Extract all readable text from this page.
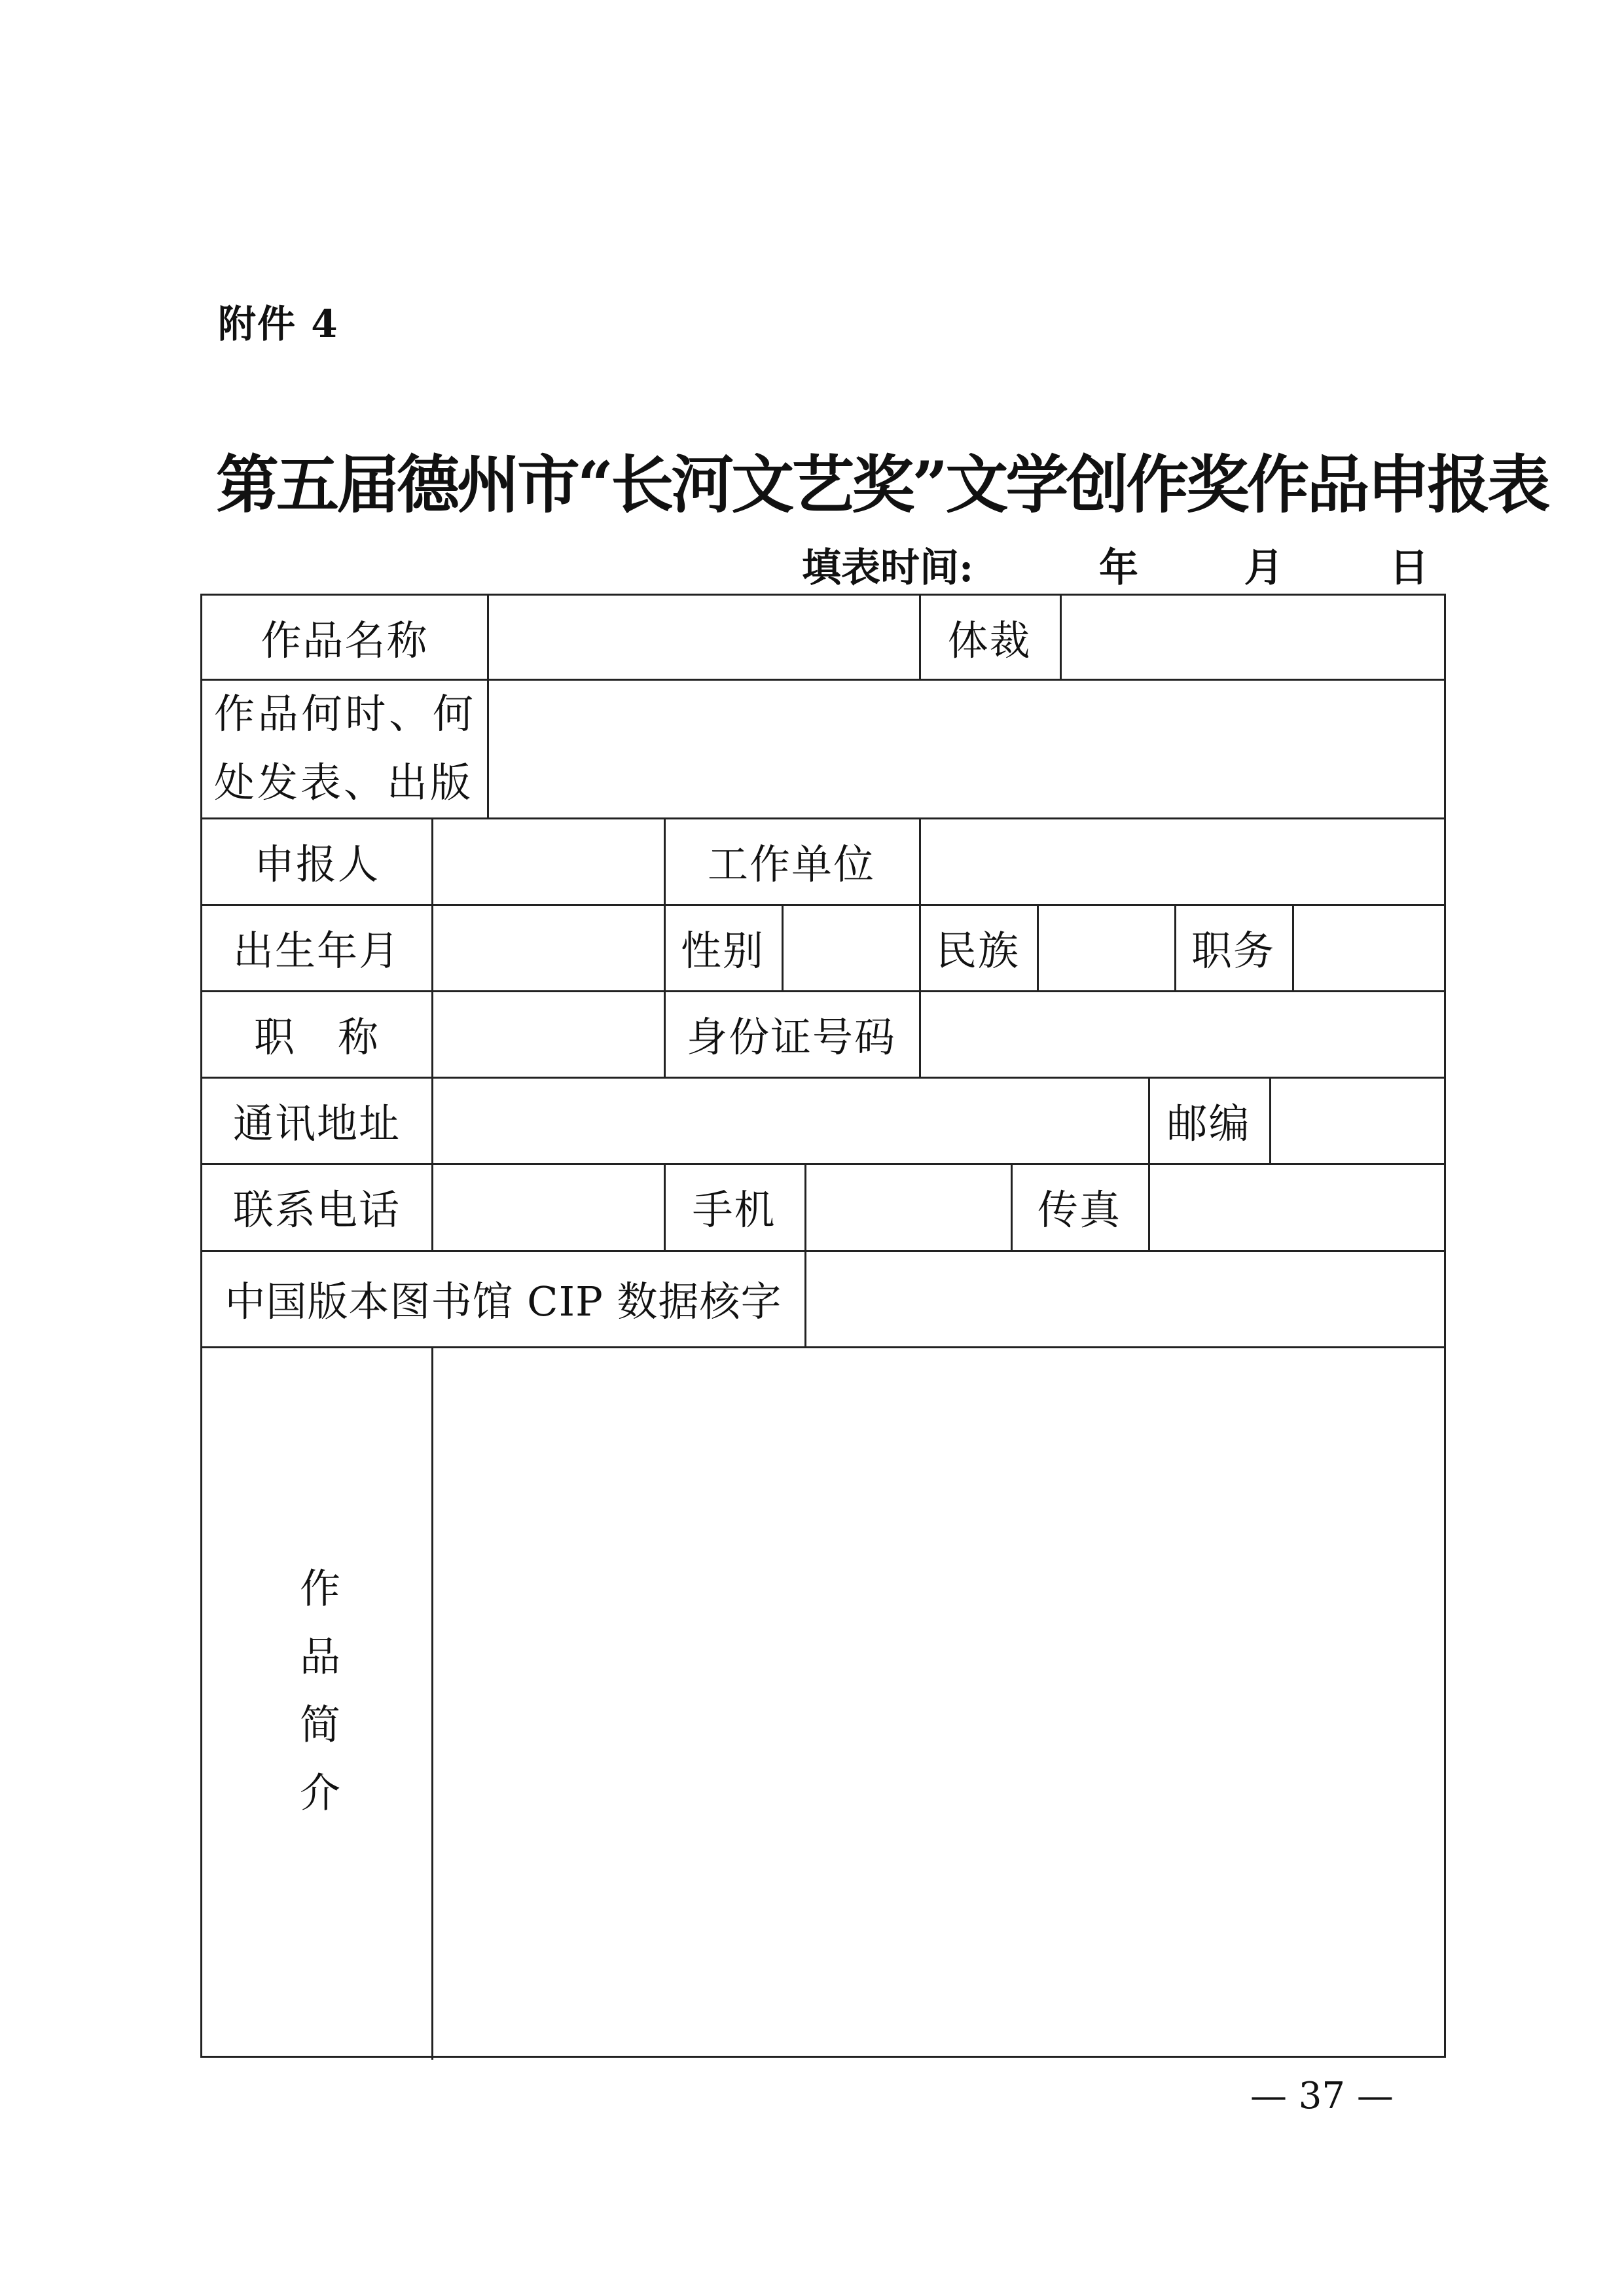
附件 4
第五届德州市“长河文艺奖”文学创作奖作品申报表
填表时间:	年	月	日
作品名称	体裁
作品何时、何处发表、出版
申报人	工作单位
出生年月	性别	民族	职务
职　称	身份证号码
通讯地址	邮编
联系电话	手机	传真
中国版本图书馆 CIP 数据核字
作品简介
— 37 —
